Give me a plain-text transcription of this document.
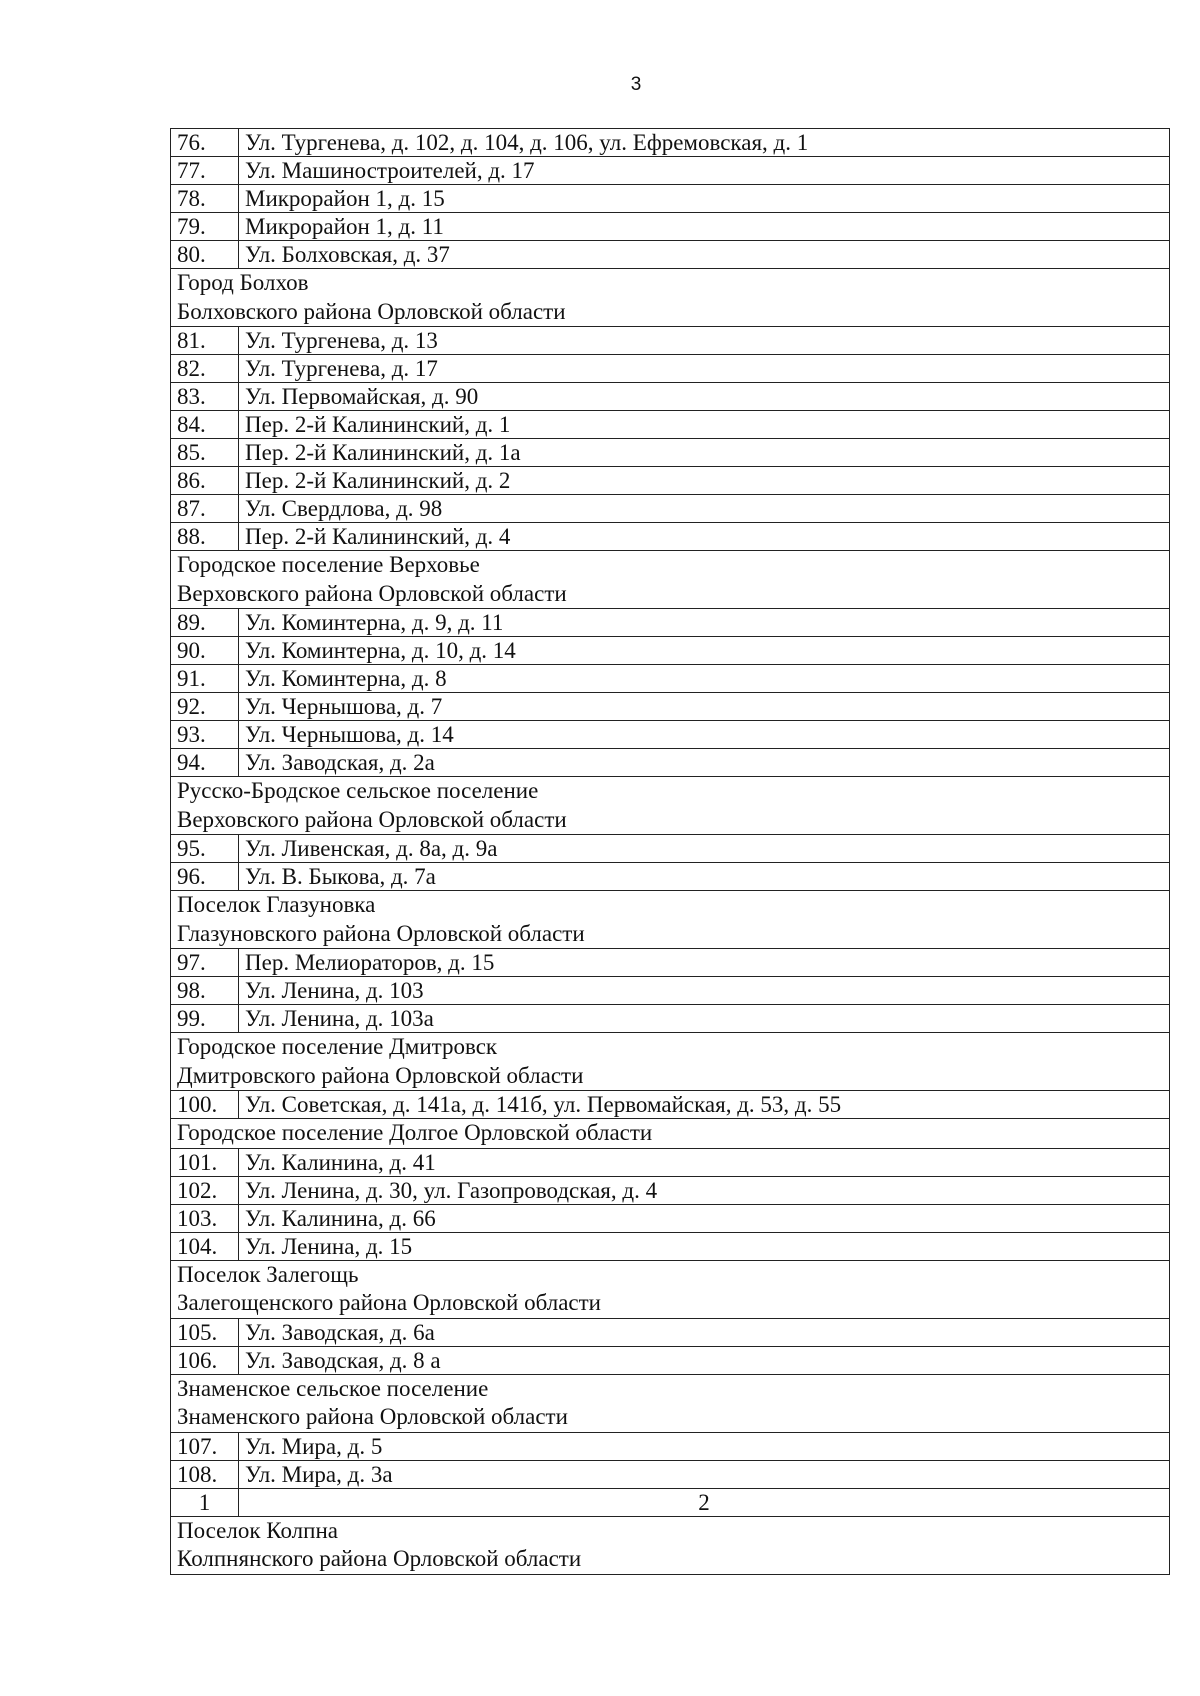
3
76.	Ул. Тургенева, д. 102, д. 104, д. 106, ул. Ефремовская, д. 1
77.	Ул. Машиностроителей, д. 17
78.	Микрорайон 1, д. 15
79.	Микрорайон 1, д. 11
80.	Ул. Болховская, д. 37

Город Болхов
Болховского района Орловской области	

81.	Ул. Тургенева, д. 13
82.	Ул. Тургенева, д. 17
83.	Ул. Первомайская, д. 90
84.	Пер. 2-й Калининский, д. 1
85.	Пер. 2-й Калининский, д. 1а
86.	Пер. 2-й Калининский, д. 2
87.	Ул. Свердлова, д. 98
88.	Пер. 2-й Калининский, д. 4

Городское поселение Верховье
Верховского района Орловской области	

89.	Ул. Коминтерна, д. 9, д. 11
90.	Ул. Коминтерна, д. 10, д. 14
91.	Ул. Коминтерна, д. 8
92.	Ул. Чернышова, д. 7
93.	Ул. Чернышова, д. 14
94.	Ул. Заводская, д. 2а

Русско-Бродское сельское поселение
Верховского района Орловской области	

95.	Ул. Ливенская, д. 8а, д. 9а
96.	Ул. В. Быкова, д. 7а

Поселок Глазуновка
Глазуновского района Орловской области	

97.	Пер. Мелиораторов, д. 15
98.	Ул. Ленина, д. 103
99.	Ул. Ленина, д. 103а

Городское поселение Дмитровск
Дмитровского района Орловской области	

100.	Ул. Советская, д. 141а, д. 141б, ул. Первомайская, д. 53, д. 55

Городское поселение Долгое Орловской области	

101.	Ул. Калинина, д. 41
102.	Ул. Ленина, д. 30, ул. Газопроводская, д. 4
103.	Ул. Калинина, д. 66
104.	Ул. Ленина, д. 15

Поселок Залегощь
Залегощенского района Орловской области	

105.	Ул. Заводская, д. 6а
106.	Ул. Заводская, д. 8 а

Знаменское сельское поселение
Знаменского района Орловской области	

107.	Ул. Мира, д. 5
108.	Ул. Мира, д. 3а
1	2

Поселок Колпна
Колпнянского района Орловской области	
